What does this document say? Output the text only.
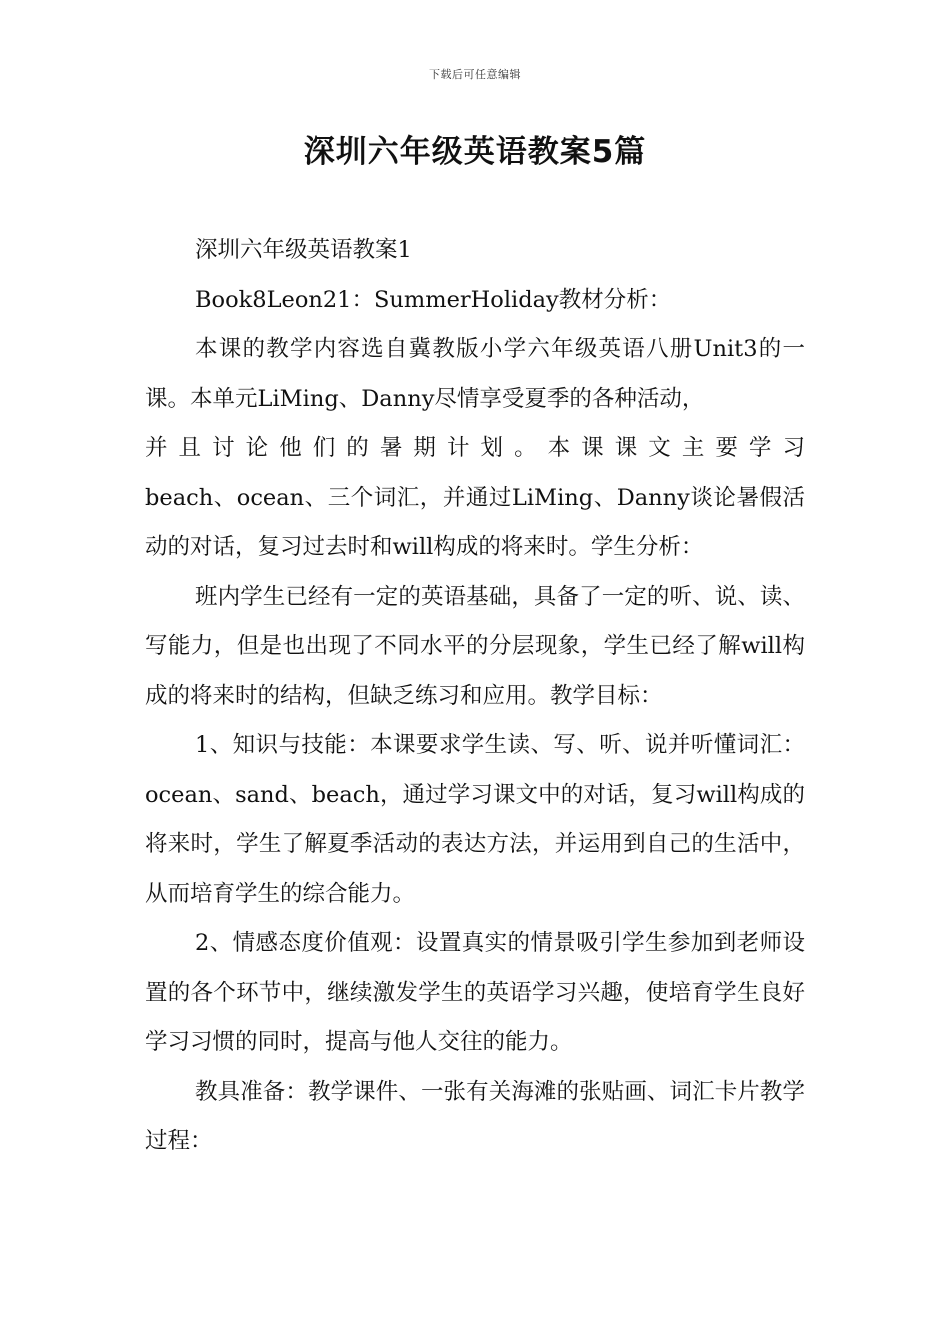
下载后可任意编辑
深圳六年级英语教案5篇

深圳六年级英语教案1

Book8Leon21：SummerHoliday教材分析：

本课的教学内容选自冀教版小学六年级英语八册Unit3的一课。本单元LiMing、Danny尽情享受夏季的各种活动，

并且讨论他们的暑期计划。本课课文主要学习

beach、ocean、三个词汇，并通过LiMing、Danny谈论暑假活动的对话，复习过去时和will构成的将来时。学生分析：

班内学生已经有一定的英语基础，具备了一定的听、说、读、写能力，但是也出现了不同水平的分层现象，学生已经了解will构成的将来时的结构，但缺乏练习和应用。教学目标：

1、知识与技能：本课要求学生读、写、听、说并听懂词汇：ocean、sand、beach，通过学习课文中的对话，复习will构成的将来时，学生了解夏季活动的表达方法，并运用到自己的生活中，从而培育学生的综合能力。

2、情感态度价值观：设置真实的情景吸引学生参加到老师设置的各个环节中，继续激发学生的英语学习兴趣，使培育学生良好学习习惯的同时，提高与他人交往的能力。

教具准备：教学课件、一张有关海滩的张贴画、词汇卡片教学过程：
